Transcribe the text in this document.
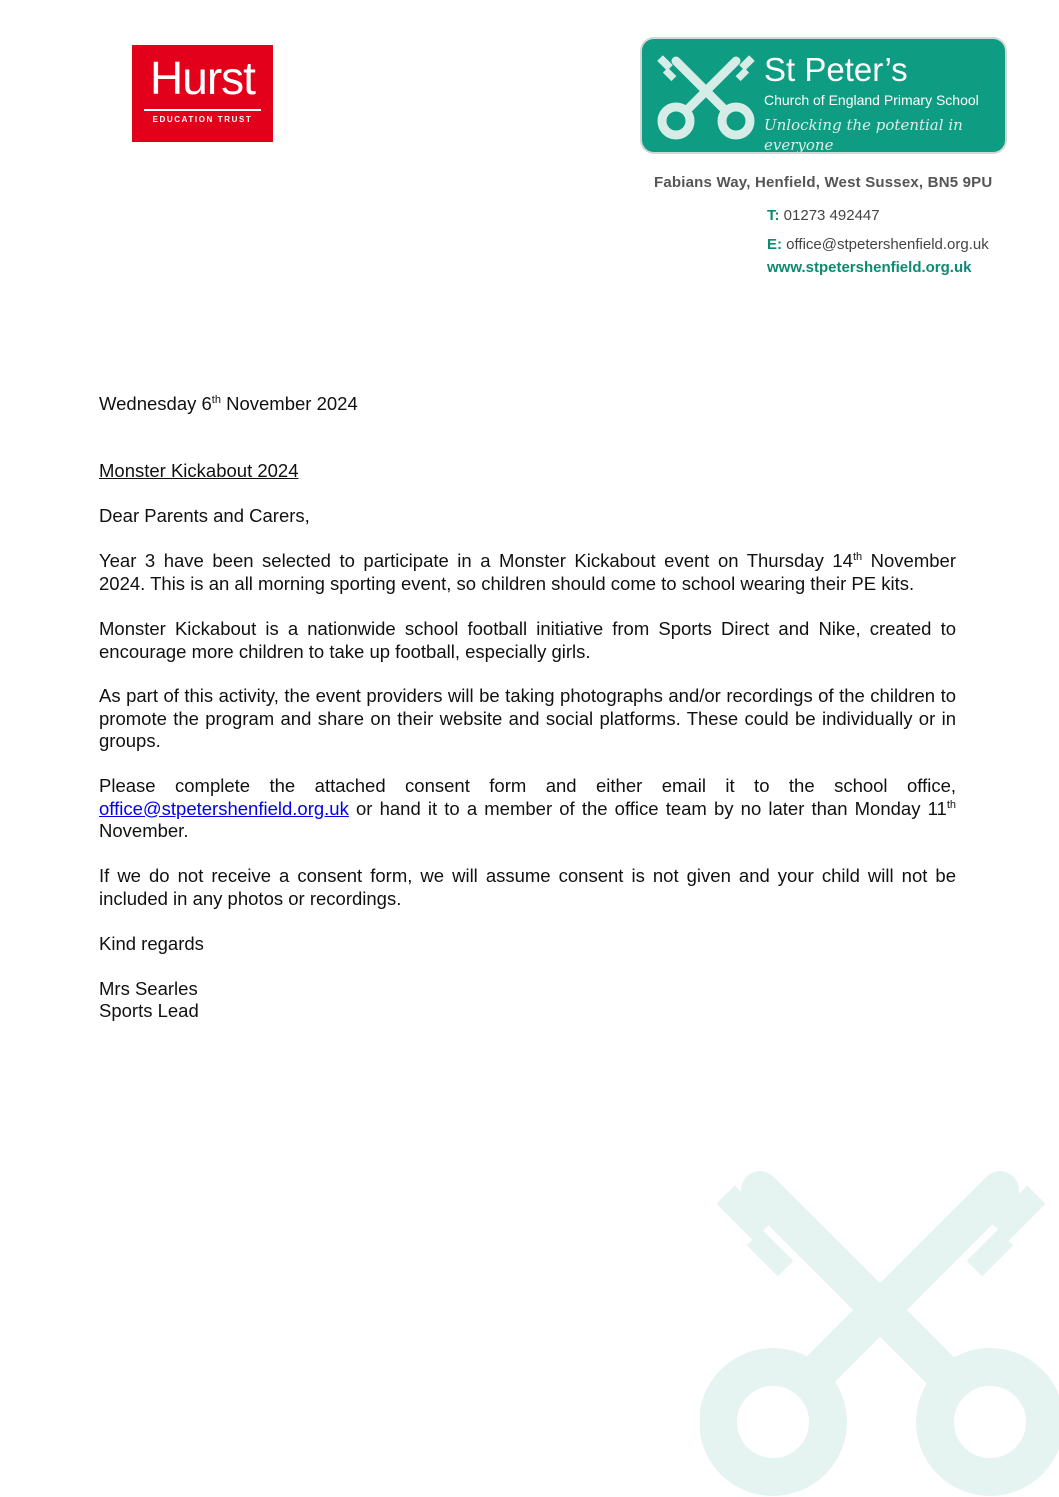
Hurst
EDUCATION TRUST
St Peter’s
Church of England Primary School
Unlocking the potential in everyone
Fabians Way, Henfield, West Sussex, BN5 9PU
T: 01273 492447
E: office@stpetershenfield.org.uk
www.stpetershenfield.org.uk
Wednesday 6th November 2024
Monster Kickabout 2024
Dear Parents and Carers,
Year 3 have been selected to participate in a Monster Kickabout event on Thursday 14th November 2024. This is an all morning sporting event, so children should come to school wearing their PE kits.
Monster Kickabout is a nationwide school football initiative from Sports Direct and Nike, created to encourage more children to take up football, especially girls.
As part of this activity, the event providers will be taking photographs and/or recordings of the children to promote the program and share on their website and social platforms. These could be individually or in groups.
Please complete the attached consent form and either email it to the school office, office@stpetershenfield.org.uk or hand it to a member of the office team by no later than Monday 11th November.
If we do not receive a consent form, we will assume consent is not given and your child will not be included in any photos or recordings.
Kind regards
Mrs Searles
Sports Lead
